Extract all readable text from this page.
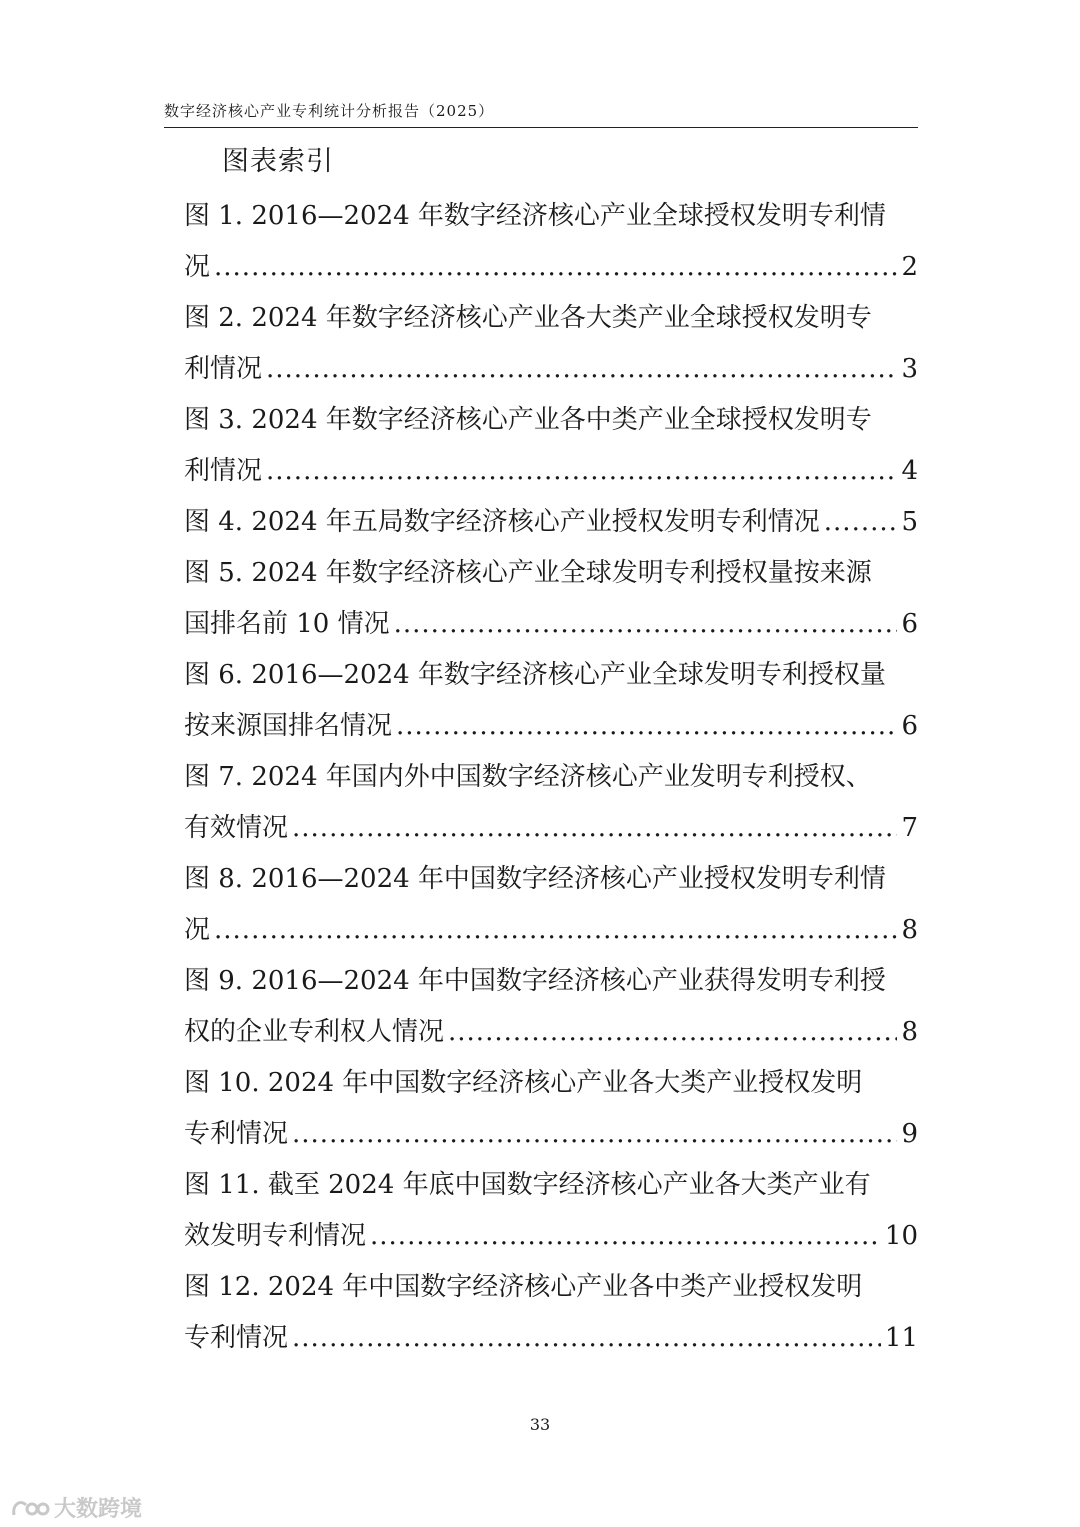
数字经济核心产业专利统计分析报告（2025）
图表索引
图 1. 2016—2024 年数字经济核心产业全球授权发明专利情
况 .....	2
图 2. 2024 年数字经济核心产业各大类产业全球授权发明专
利情况 .....	3
图 3. 2024 年数字经济核心产业各中类产业全球授权发明专
利情况 .....	4
图 4. 2024 年五局数字经济核心产业授权发明专利情况 .....	5
图 5. 2024 年数字经济核心产业全球发明专利授权量按来源
国排名前 10 情况 .....	6
图 6. 2016—2024 年数字经济核心产业全球发明专利授权量
按来源国排名情况 .....	6
图 7. 2024 年国内外中国数字经济核心产业发明专利授权、
有效情况 .....	7
图 8. 2016—2024 年中国数字经济核心产业授权发明专利情
况 .....	8
图 9. 2016—2024 年中国数字经济核心产业获得发明专利授
权的企业专利权人情况 .....	8
图 10. 2024 年中国数字经济核心产业各大类产业授权发明
专利情况 .....	9
图 11. 截至 2024 年底中国数字经济核心产业各大类产业有
效发明专利情况 .....	10
图 12. 2024 年中国数字经济核心产业各中类产业授权发明
专利情况 .....	11
33
大数跨境
